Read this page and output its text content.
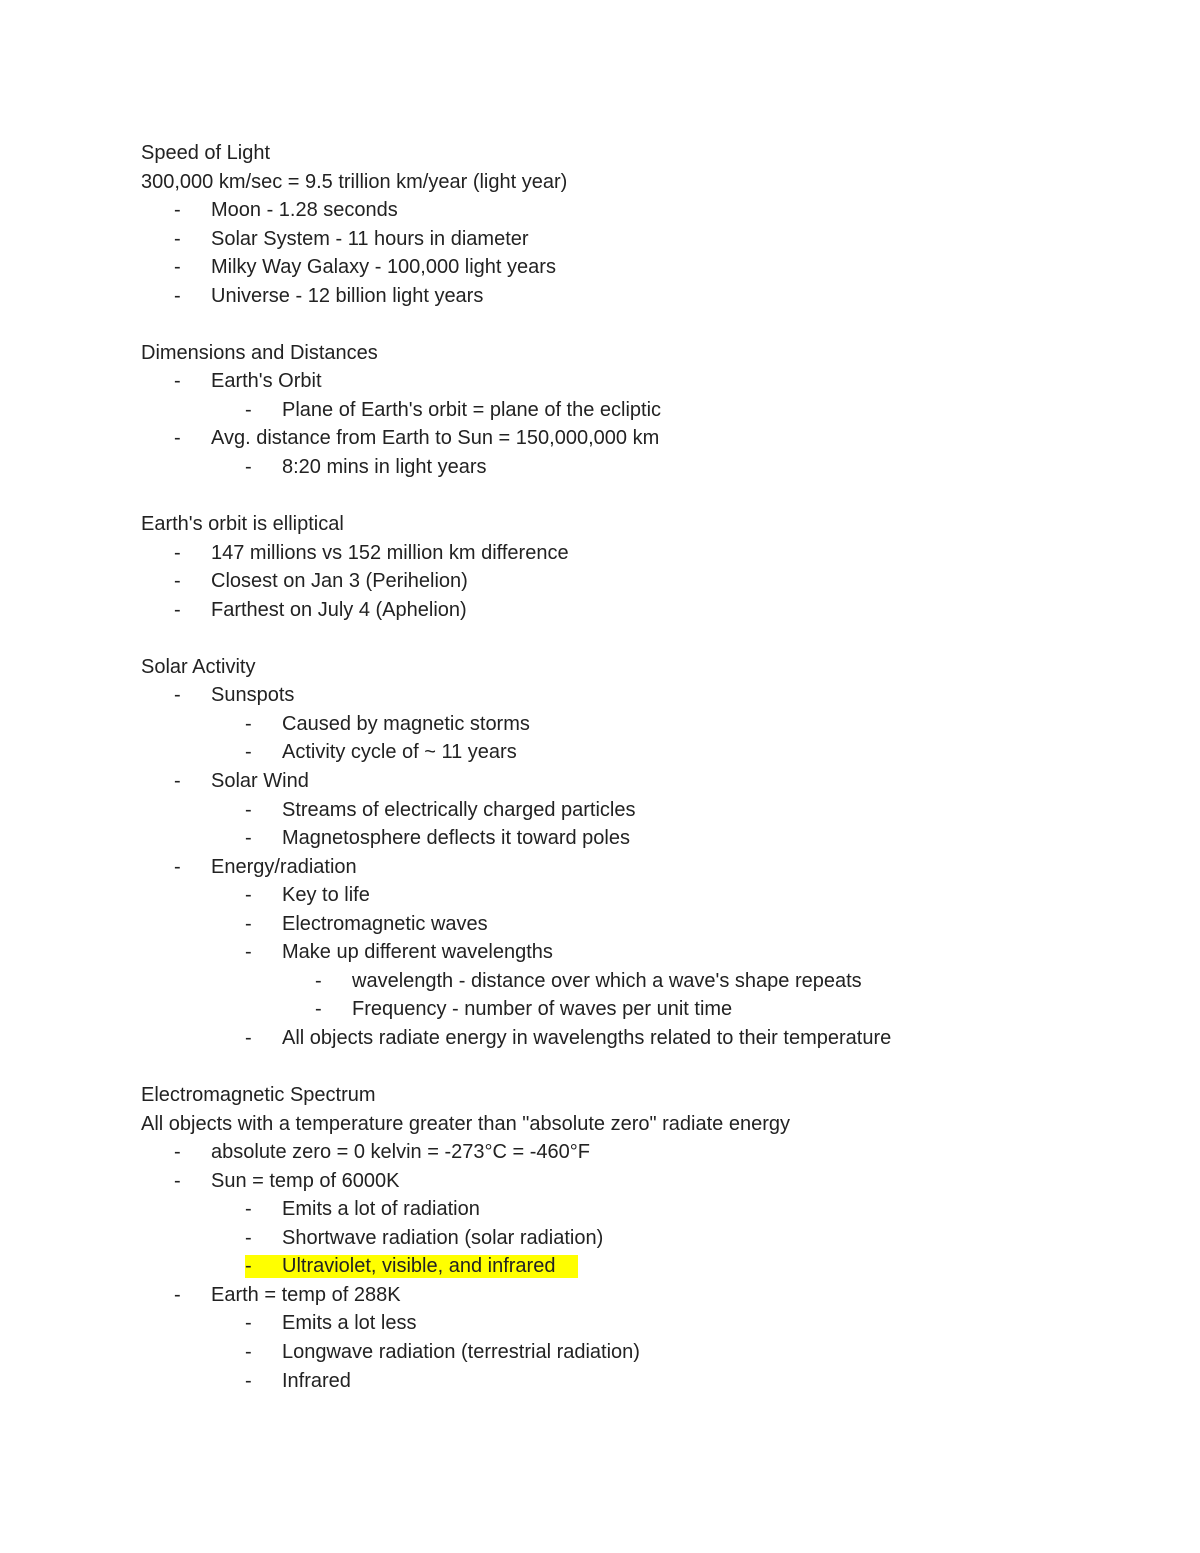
Speed of Light
300,000 km/sec = 9.5 trillion km/year (light year)
- Moon - 1.28 seconds
- Solar System - 11 hours in diameter
- Milky Way Galaxy - 100,000 light years
- Universe - 12 billion light years
Dimensions and Distances
- Earth's Orbit
- Plane of Earth's orbit = plane of the ecliptic
- Avg. distance from Earth to Sun = 150,000,000 km
- 8:20 mins in light years
Earth's orbit is elliptical
- 147 millions vs 152 million km difference
- Closest on Jan 3 (Perihelion)
- Farthest on July 4 (Aphelion)
Solar Activity
- Sunspots
- Caused by magnetic storms
- Activity cycle of ~ 11 years
- Solar Wind
- Streams of electrically charged particles
- Magnetosphere deflects it toward poles
- Energy/radiation
- Key to life
- Electromagnetic waves
- Make up different wavelengths
- wavelength - distance over which a wave's shape repeats
- Frequency - number of waves per unit time
- All objects radiate energy in wavelengths related to their temperature
Electromagnetic Spectrum
All objects with a temperature greater than "absolute zero" radiate energy
- absolute zero = 0 kelvin = -273°C = -460°F
- Sun = temp of 6000K
- Emits a lot of radiation
- Shortwave radiation (solar radiation)
- Ultraviolet, visible, and infrared
- Earth = temp of 288K
- Emits a lot less
- Longwave radiation (terrestrial radiation)
- Infrared
